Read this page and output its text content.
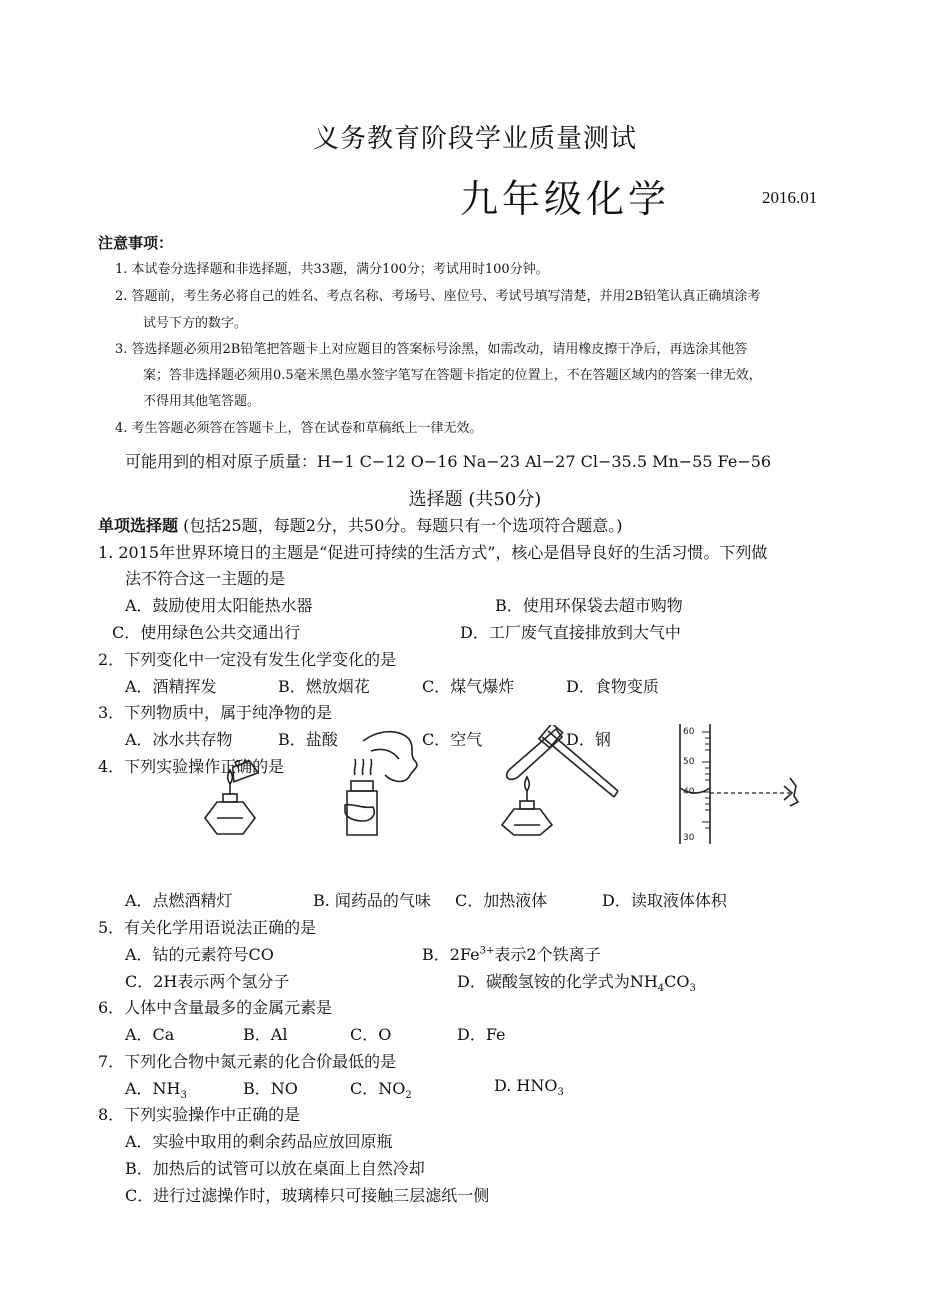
义务教育阶段学业质量测试
九年级化学	2016.01
注意事项：
1. 本试卷分选择题和非选择题，共33题，满分100分；考试用时100分钟。
2. 答题前，考生务必将自己的姓名、考点名称、考场号、座位号、考试号填写清楚，并用2B铅笔认真正确填涂考
试号下方的数字。
3. 答选择题必须用2B铅笔把答题卡上对应题目的答案标号涂黑，如需改动，请用橡皮擦干净后，再选涂其他答
案；答非选择题必须用0.5毫米黑色墨水签字笔写在答题卡指定的位置上，不在答题区域内的答案一律无效，
不得用其他笔答题。
4. 考生答题必须答在答题卡上，答在试卷和草稿纸上一律无效。
可能用到的相对原子质量：H−1 C−12 O−16 Na−23 Al−27 Cl−35.5 Mn−55 Fe−56
选择题 (共50分)
单项选择题 (包括25题，每题2分，共50分。每题只有一个选项符合题意。)
1. 2015年世界环境日的主题是“促进可持续的生活方式”，核心是倡导良好的生活习惯。下列做
法不符合这一主题的是
A．鼓励使用太阳能热水器	B．使用环保袋去超市购物
C．使用绿色公共交通出行	D．工厂废气直接排放到大气中
2．下列变化中一定没有发生化学变化的是
A．酒精挥发	B．燃放烟花	C．煤气爆炸	D．食物变质
3．下列物质中，属于纯净物的是
A．冰水共存物	B．盐酸	C．空气	D．钢
4．下列实验操作正确的是
60
50
40
30
A．点燃酒精灯	B. 闻药品的气味 C．加热液体	D．读取液体体积
5．有关化学用语说法正确的是
A．钴的元素符号CO	B．$2Fe^{3+}$表示2个铁离子
C．2H表示两个氢分子	D．碳酸氢铵的化学式为$NH_4CO_3$
6．人体中含量最多的金属元素是
A．Ca	B．Al	C．O	D．Fe
7．下列化合物中氮元素的化合价最低的是
A．$NH_3$	B．NO	C．$NO_2$
D. $HNO_3$
8．下列实验操作中正确的是
A．实验中取用的剩余药品应放回原瓶
B．加热后的试管可以放在桌面上自然冷却
C．进行过滤操作时，玻璃棒只可接触三层滤纸一侧
